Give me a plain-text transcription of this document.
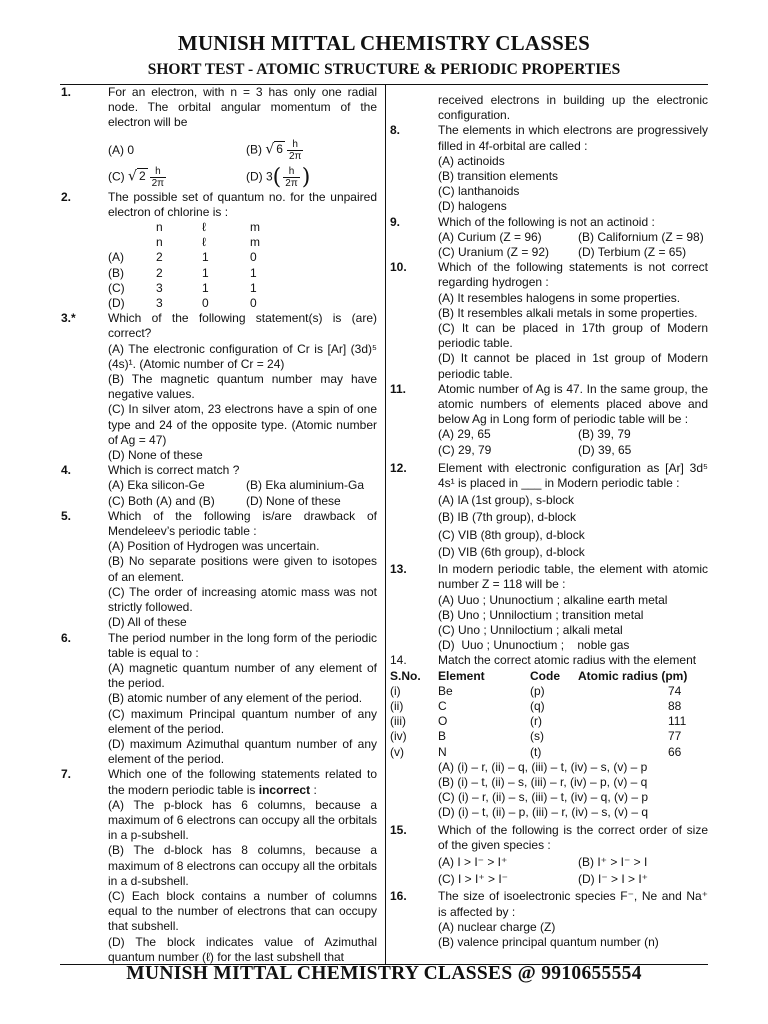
MUNISH MITTAL CHEMISTRY CLASSES
SHORT TEST - ATOMIC STRUCTURE & PERIODIC PROPERTIES
MUNISH MITTAL CHEMISTRY CLASSES @ 9910655554
1.	For an electron, with n = 3 has only one radial node. The orbital angular momentum of the electron will be
(A) 0	(B) √ $6 \frac{h}{2\pi}$
(C) √ $2 \frac{h}{2\pi}$	(D) $3( \frac{h}{2\pi}$ )
2.	The possible set of quantum no. for the unpaired electron of chlorine is :
n	ℓ	m
n	ℓ	m
(A)	2	1	0
(B)	2	1	1
(C)	3	1	1
(D)	3	0	0
3.*	Which of the following statement(s) is (are) correct?
(A) The electronic configuration of Cr is [Ar] (3d)⁵ (4s)¹. (Atomic number of Cr = 24)
(B) The magnetic quantum number may have negative values.
(C) In silver atom, 23 electrons have a spin of one type and 24 of the opposite type. (Atomic number of Ag = 47)
(D) None of these
4.	Which is correct match ?
(A) Eka silicon-Ge	(B) Eka aluminium-Ga
(C) Both (A) and (B)	(D) None of these
5.	Which of the following is/are drawback of Mendeleev’s periodic table :
(A) Position of Hydrogen was uncertain.
(B) No separate positions were given to isotopes of an element.
(C) The order of increasing atomic mass was not strictly followed.
(D) All of these
6.	The period number in the long form of the periodic table is equal to :
(A) magnetic quantum number of any element of the period.
(B) atomic number of any element of the period.
(C) maximum Principal quantum number of any element of the period.
(D) maximum Azimuthal quantum number of any element of the period.
7.	Which one of the following statements related to the modern periodic table is incorrect :
(A) The p-block has 6 columns, because a maximum of 6 electrons can occupy all the orbitals in a p-subshell.
(B) The d-block has 8 columns, because a maximum of 8 electrons can occupy all the orbitals in a d-subshell.
(C) Each block contains a number of columns equal to the number of electrons that can occupy that subshell.
(D) The block indicates value of Azimuthal quantum number (ℓ) for the last subshell that
received electrons in building up the electronic configuration.
8.	The elements in which electrons are progressively filled in 4f-orbital are called :
(A) actinoids
(B) transition elements
(C) lanthanoids
(D) halogens
9.	Which of the following is not an actinoid :
(A) Curium (Z = 96)	(B) Californium (Z = 98)
(C) Uranium (Z = 92)	(D) Terbium (Z = 65)
10.	Which of the following statements is not correct regarding hydrogen :
(A) It resembles halogens in some properties.
(B) It resembles alkali metals in some properties.
(C) It can be placed in 17th group of Modern periodic table.
(D) It cannot be placed in 1st group of Modern periodic table.
11.	Atomic number of Ag is 47. In the same group, the atomic numbers of elements placed above and below Ag in Long form of periodic table will be :
(A) 29, 65	(B) 39, 79
(C) 29, 79	(D) 39, 65
12.	Element with electronic configuration as [Ar] 3d⁵ 4s¹ is placed in ___ in Modern periodic table :
(A) IA (1st group), s-block
(B) IB (7th group), d-block
(C) VIB (8th group), d-block
(D) VIB (6th group), d-block
13.	In modern periodic table, the element with atomic number Z = 118 will be :
(A) Uuo ; Ununoctium ; alkaline earth metal
(B) Uno ; Unniloctium ; transition metal
(C) Uno ; Unniloctium ; alkali metal
(D)  Uuo ; Ununoctium ;    noble gas
14.	Match the correct atomic radius with the element
S.No.	Element	Code	Atomic radius (pm)
(i)	Be	(p)	74
(ii)	C	(q)	88
(iii)	O	(r)	111
(iv)	B	(s)	77
(v)	N	(t)	66
(A) (i) – r, (ii) – q, (iii) – t, (iv) – s, (v) – p
(B) (i) – t, (ii) – s, (iii) – r, (iv) – p, (v) – q
(C) (i) – r, (ii) – s, (iii) – t, (iv) – q, (v) – p
(D) (i) – t, (ii) – p, (iii) – r, (iv) – s, (v) – q
15.	Which of the following is the correct order of size of the given species :
(A) I > I⁻ > I⁺	(B) I⁺ > I⁻ > I
(C) I > I⁺ > I⁻	(D) I⁻ > I > I⁺
16.	The size of isoelectronic species F⁻, Ne and Na⁺ is affected by :
(A) nuclear charge (Z)
(B) valence principal quantum number (n)
